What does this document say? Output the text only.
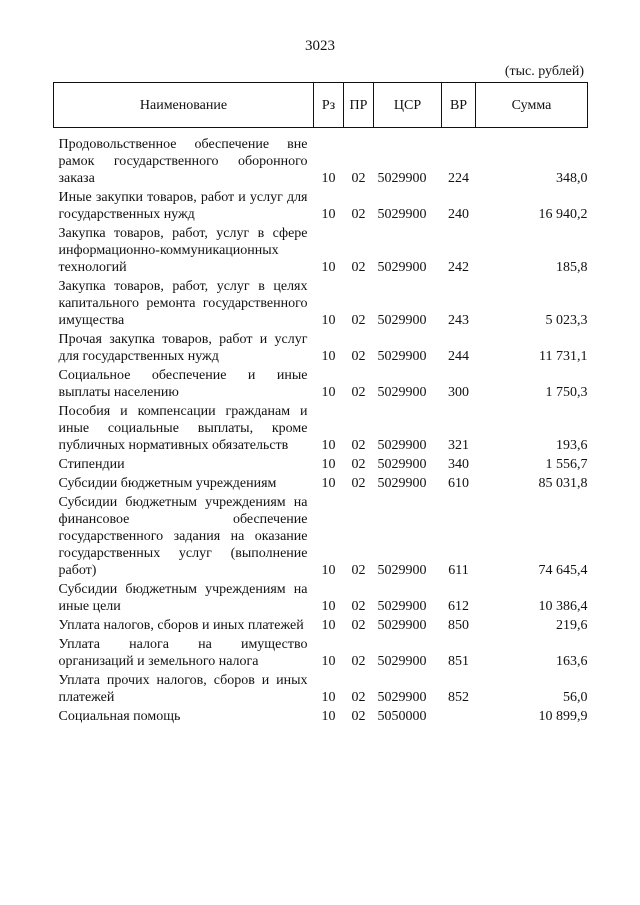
3023
(тыс. рублей)
Наименование	Рз	ПР	ЦСР	ВР	Сумма
Продовольственное обеспечение вне рамок государственного оборонного заказа	10	02	5029900	224	348,0
Иные закупки товаров, работ и услуг для государственных нужд	10	02	5029900	240	16 940,2
Закупка товаров, работ, услуг в сфере информационно-коммуникационных технологий	10	02	5029900	242	185,8
Закупка товаров, работ, услуг в целях капитального ремонта государственного имущества	10	02	5029900	243	5 023,3
Прочая закупка товаров, работ и услуг для государственных нужд	10	02	5029900	244	11 731,1
Социальное обеспечение и иные выплаты населению	10	02	5029900	300	1 750,3
Пособия и компенсации гражданам и иные социальные выплаты, кроме публичных нормативных обязательств	10	02	5029900	321	193,6
Стипендии	10	02	5029900	340	1 556,7
Субсидии бюджетным учреждениям	10	02	5029900	610	85 031,8
Субсидии бюджетным учреждениям на финансовое обеспечение государственного задания на оказание государственных услуг (выполнение работ)	10	02	5029900	611	74 645,4
Субсидии бюджетным учреждениям на иные цели	10	02	5029900	612	10 386,4
Уплата налогов, сборов и иных платежей	10	02	5029900	850	219,6
Уплата налога на имущество организаций и земельного налога	10	02	5029900	851	163,6
Уплата прочих налогов, сборов и иных платежей	10	02	5029900	852	56,0
Социальная помощь	10	02	5050000		10 899,9
